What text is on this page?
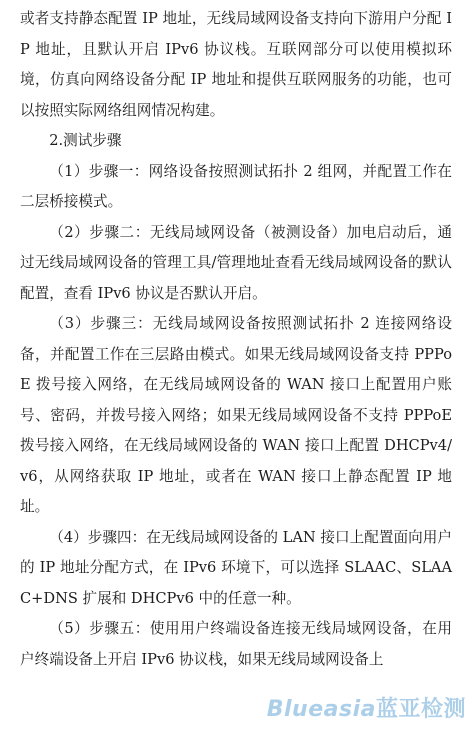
或者支持静态配置 IP 地址，无线局域网设备支持向下游用户分配 IP 地址，且默认开启 IPv6 协议栈。互联网部分可以使用模拟环境，仿真向网络设备分配 IP 地址和提供互联网服务的功能，也可以按照实际网络组网情况构建。

2.测试步骤

（1）步骤一：网络设备按照测试拓扑 2 组网，并配置工作在二层桥接模式。

（2）步骤二：无线局域网设备（被测设备）加电启动后，通过无线局域网设备的管理工具/管理地址查看无线局域网设备的默认配置，查看 IPv6 协议是否默认开启。

（3）步骤三：无线局域网设备按照测试拓扑 2 连接网络设备，并配置工作在三层路由模式。如果无线局域网设备支持 PPPoE 拨号接入网络，在无线局域网设备的 WAN 接口上配置用户账号、密码，并拨号接入网络；如果无线局域网设备不支持 PPPoE 拨号接入网络，在无线局域网设备的 WAN 接口上配置 DHCPv4/v6，从网络获取 IP 地址，或者在 WAN 接口上静态配置 IP 地址。

（4）步骤四：在无线局域网设备的 LAN 接口上配置面向用户的 IP 地址分配方式，在 IPv6 环境下，可以选择 SLAAC、SLAAC+DNS 扩展和 DHCPv6 中的任意一种。

（5）步骤五：使用用户终端设备连接无线局域网设备，在用户终端设备上开启 IPv6 协议栈，如果无线局域网设备上

Blueasia蓝亚检测
